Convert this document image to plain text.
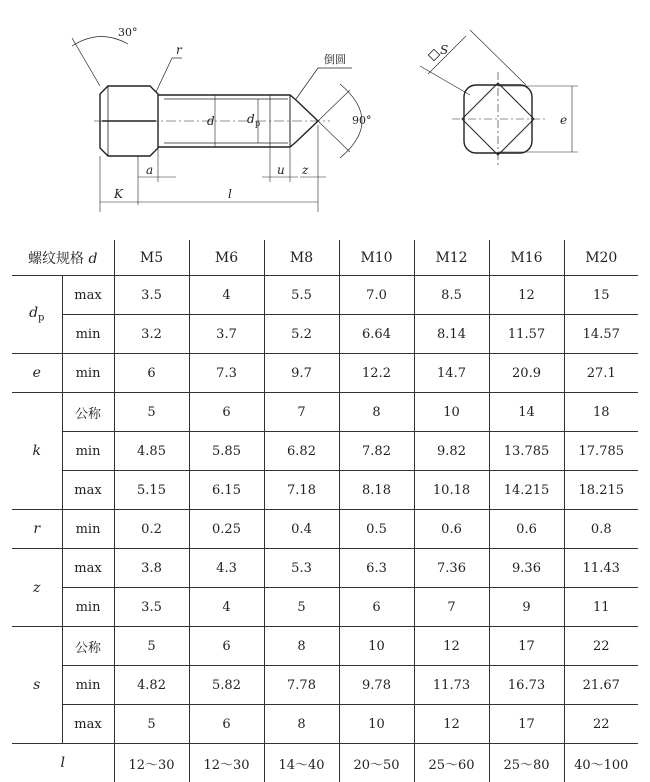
30°
r
倒圆
d	d p	90°
a	u z
K	l
S
e
螺纹规格 d		M5	M6	M8	M10	M12	M16	M20
$d_p$	max	3.5	4	5.5	7.0	8.5	12	15
	min	3.2	3.7	5.2	6.64	8.14	11.57	14.57
e	min	6	7.3	9.7	12.2	14.7	20.9	27.1
k	公称	5	6	7	8	10	14	18
	min	4.85	5.85	6.82	7.82	9.82	13.785	17.785
	max	5.15	6.15	7.18	8.18	10.18	14.215	18.215
r	min	0.2	0.25	0.4	0.5	0.6	0.6	0.8
z	max	3.8	4.3	5.3	6.3	7.36	9.36	11.43
	min	3.5	4	5	6	7	9	11
s	公称	5	6	8	10	12	17	22
	min	4.82	5.82	7.78	9.78	11.73	16.73	21.67
	max	5	6	8	10	12	17	22
l		12～30	12～30	14～40	20～50	25～60	25～80	40～100
